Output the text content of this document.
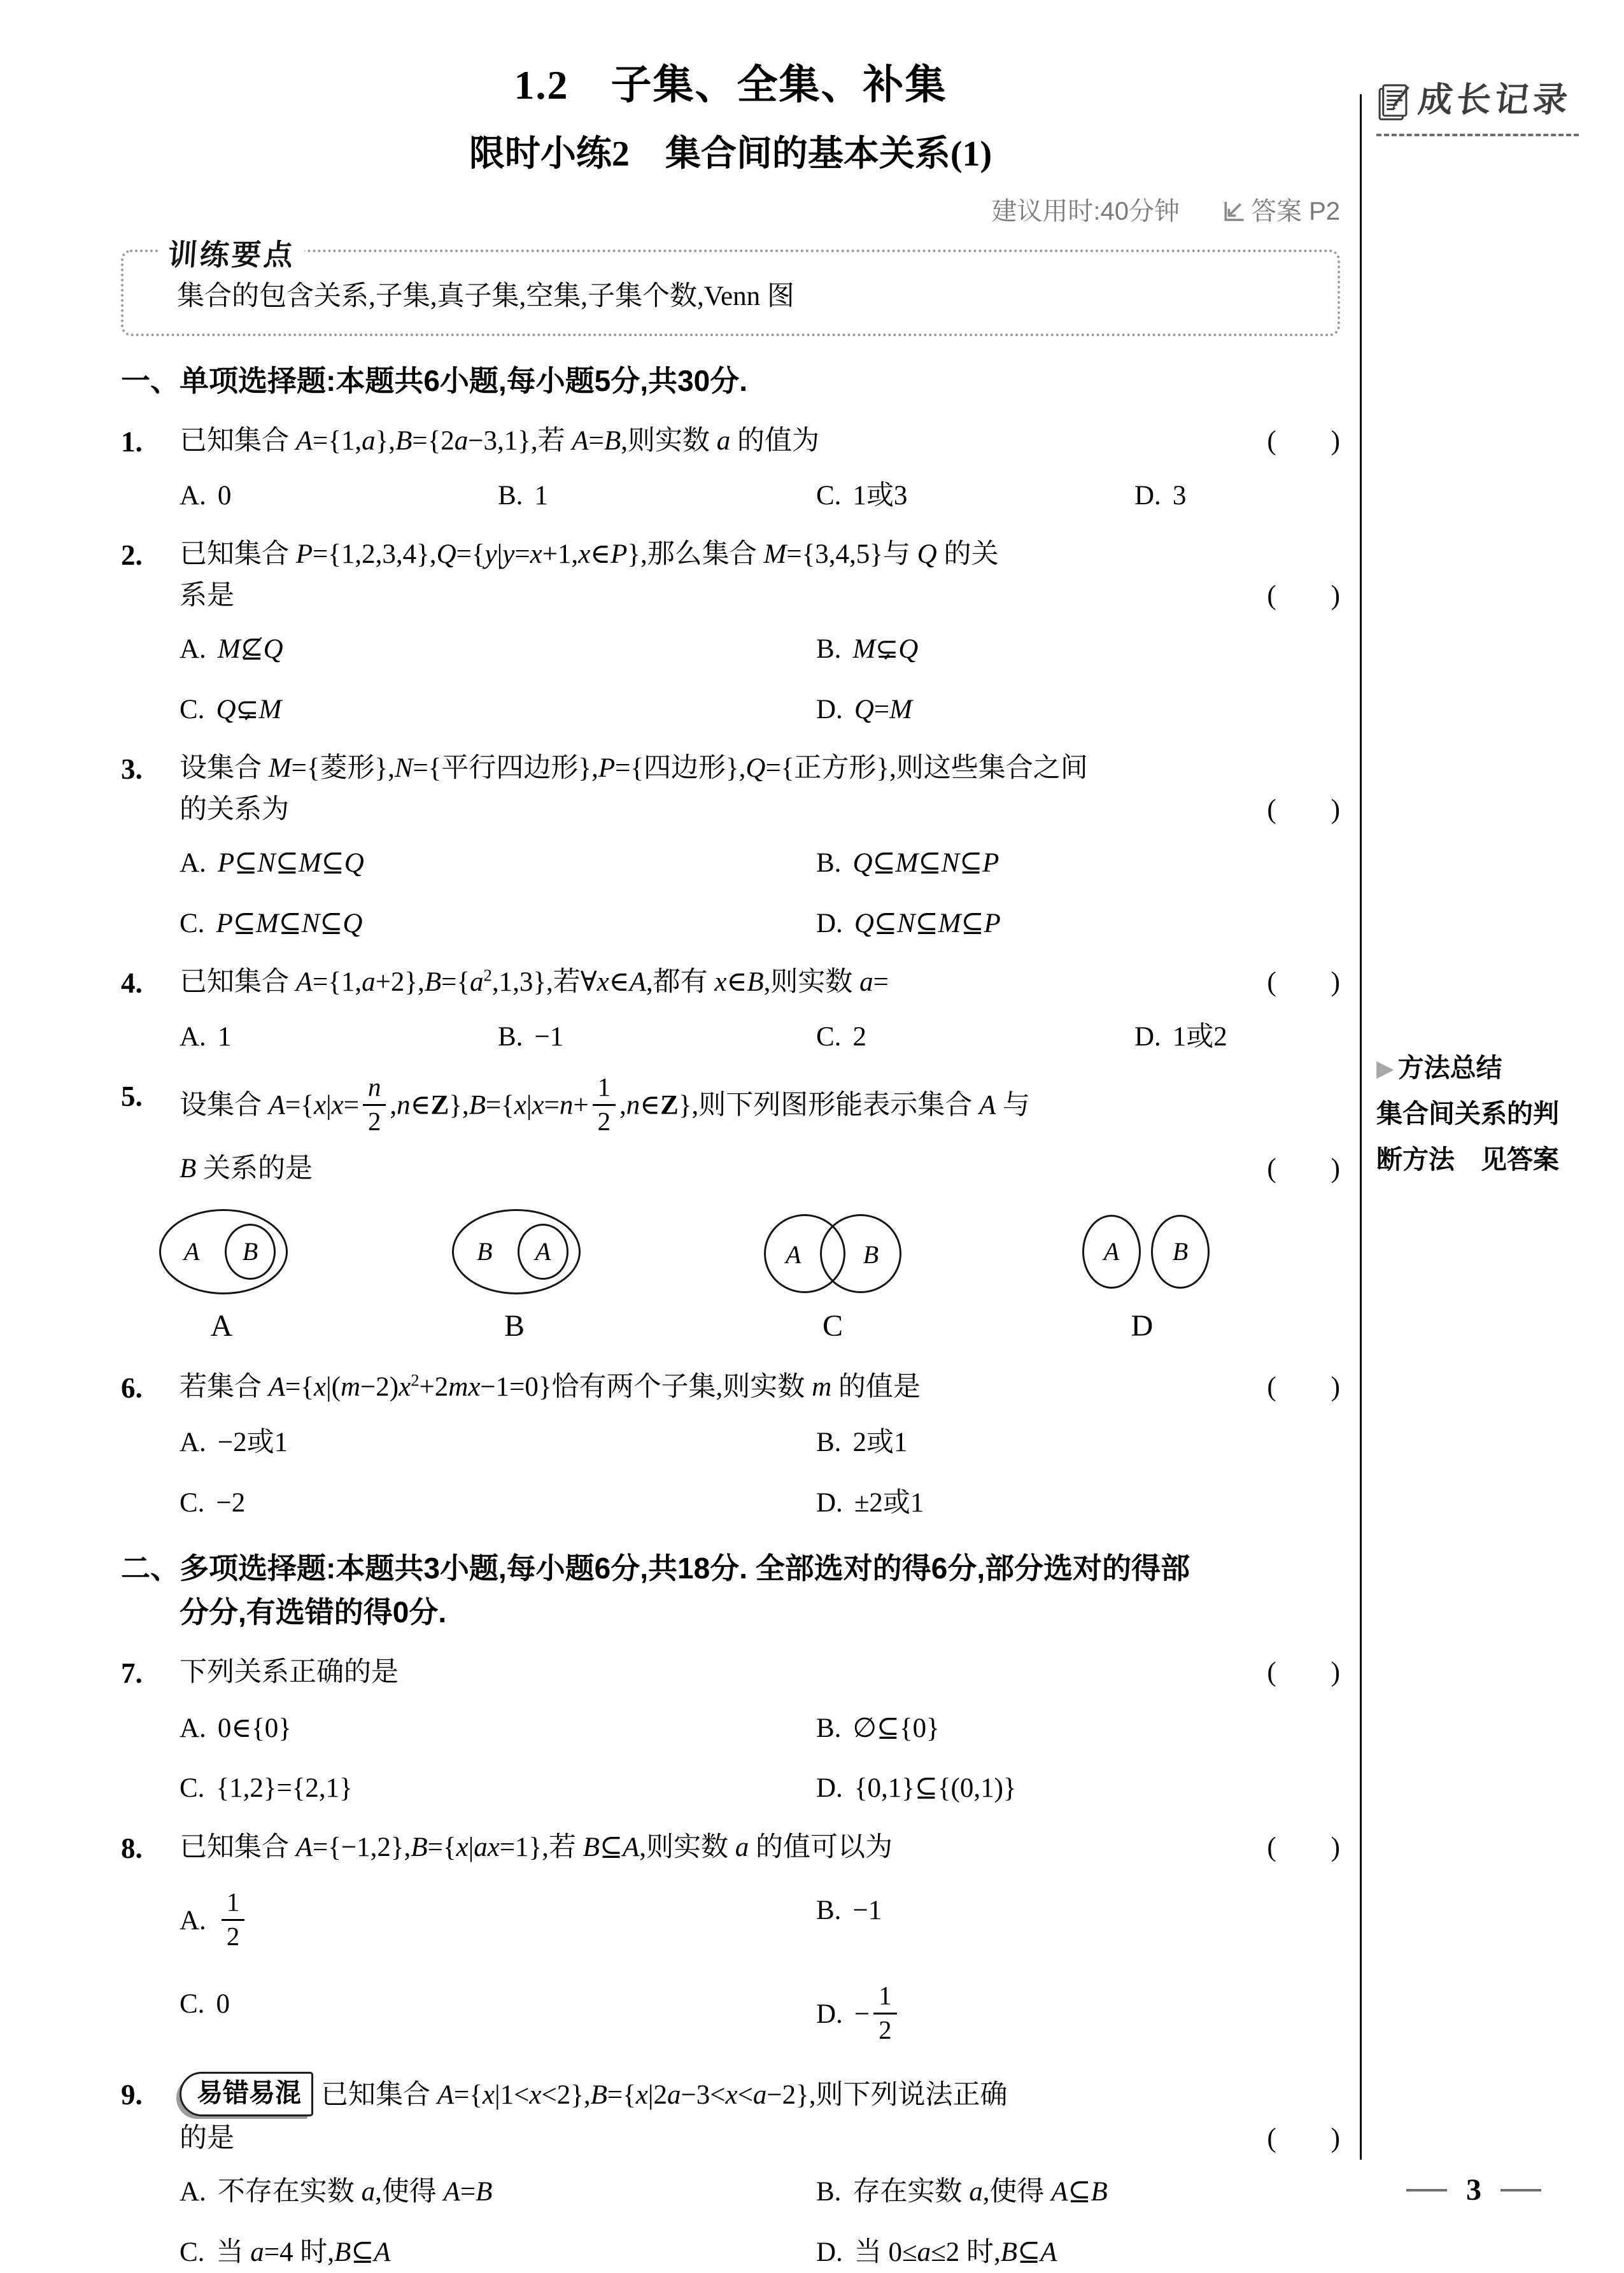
1.2　子集、全集、补集
限时小练2　集合间的基本关系(1)
建议用时:40分钟	答案 P2
训练要点
集合的包含关系,子集,真子集,空集,子集个数,Venn 图
一、单项选择题:本题共6小题,每小题5分,共30分.
1.	已知集合 A={1,a},B={2a−3,1},若 A=B,则实数 a 的值为	(　　)
A. 0	B. 1	C. 1或3	D. 3
2.	已知集合 P={1,2,3,4},Q={y|y=x+1,x∈P},那么集合 M={3,4,5}与 Q 的关
系是	(　　)
A. M⊈Q	B. M⊊Q
C. Q⊊M	D. Q=M
3.	设集合 M={菱形},N={平行四边形},P={四边形},Q={正方形},则这些集合之间
的关系为	(　　)
A. P⊆N⊆M⊆Q	B. Q⊆M⊆N⊆P
C. P⊆M⊆N⊆Q	D. Q⊆N⊆M⊆P
4.	已知集合 $A=\{1,a+2\},B=\{a^2,1,3\}$,若∀x∈A,都有 x∈B,则实数 a=	(　　)
A. 1	B. −1	C. 2	D. 1或2
5.	设集合 $A=\{x|x= \frac{n}{2}$ ,n∈Z},B={x|x=n+ $\frac{1}{2}$ ,n∈Z},则下列图形能表示集合 A 与
B 关系的是	(　　)
A B	B A	A B	A B
A	B	C	D
6.	若集合 $A=\{x|(m-2)x^2+2mx-1=0\}$恰有两个子集,则实数 m 的值是	(　　)
A. −2或1	B. 2或1
C. −2	D. ±2或1
二、多项选择题:本题共3小题,每小题6分,共18分. 全部选对的得6分,部分选对的得部
分分,有选错的得0分.
7.	下列关系正确的是	(　　)
A. 0∈{0}	B. ∅⊆{0}
C. {1,2}={2,1}	D. {0,1}⊆{(0,1)}
8.	已知集合 A={−1,2},B={x|ax=1},若 B⊆A,则实数 a 的值可以为	(　　)
A. $\frac{1}{2}$	B. −1
C. 0	D. − $\frac{1}{2}$
9.	易错易混 已知集合 A={x|1<x<2},B={x|2a−3<x<a−2},则下列说法正确
的是	(　　)
A. 不存在实数 a,使得 A=B	B. 存在实数 a,使得 A⊆B
C. 当 a=4 时,B⊆A	D. 当 0≤a≤2 时,B⊆A
成长记录
▶ 方法总结
集合间关系的判
断方法　见答案
3
